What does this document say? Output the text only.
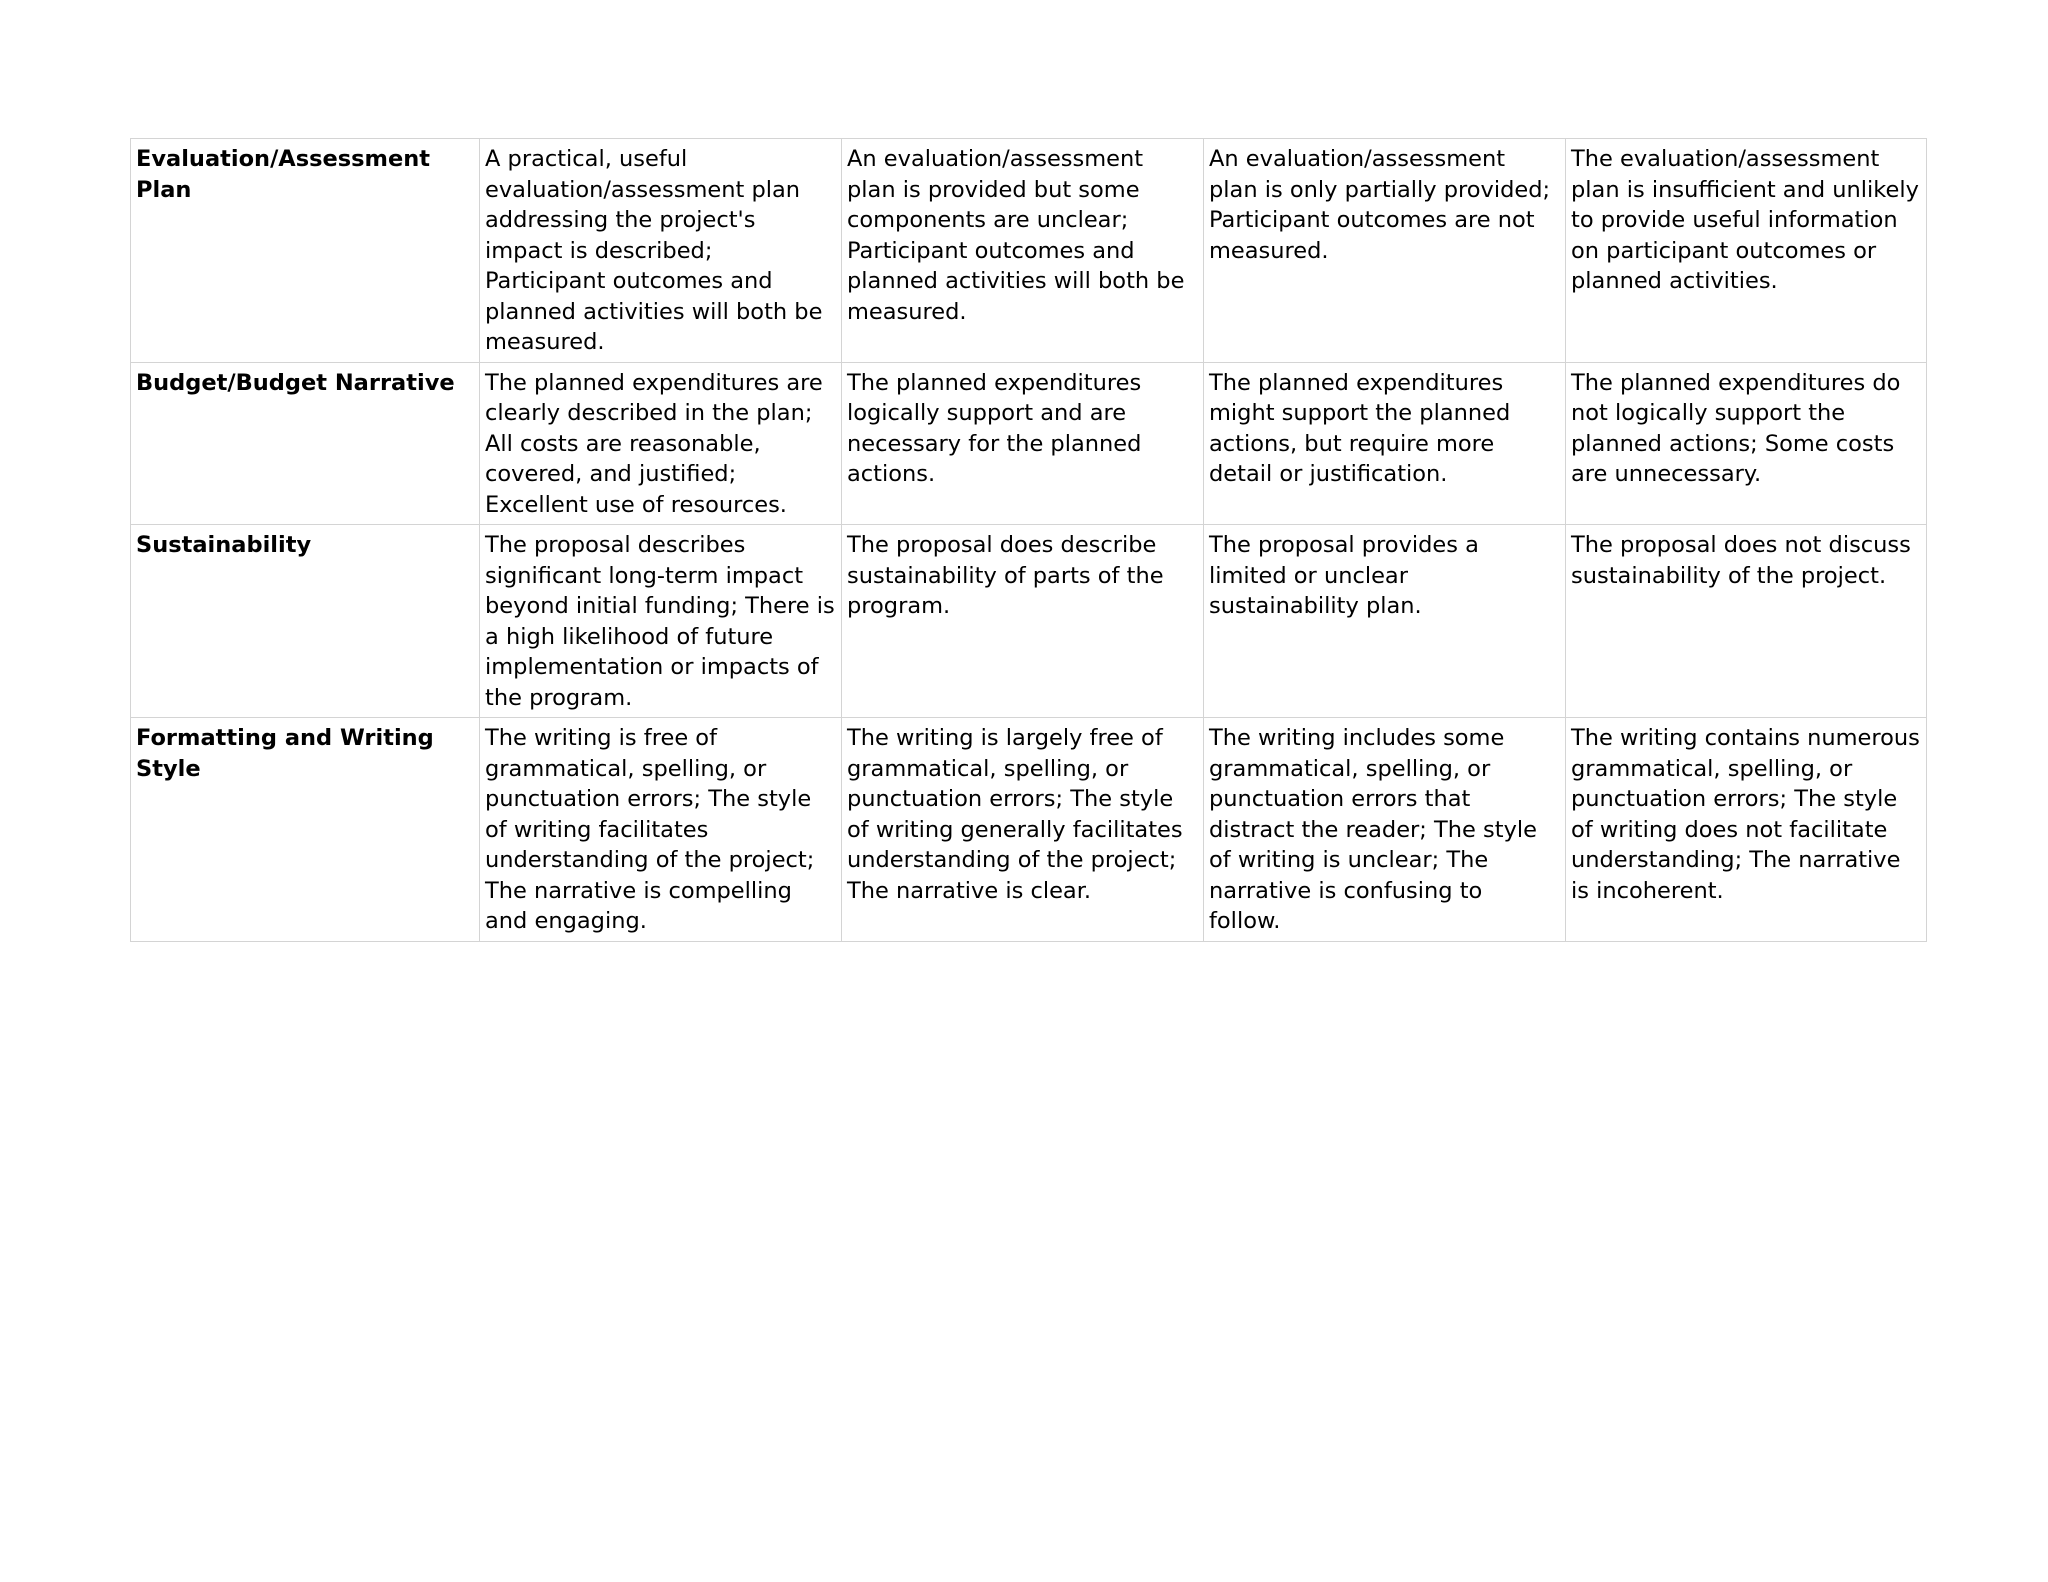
Evaluation/Assessment Plan	A practical, useful evaluation/assessment plan addressing the project's impact is described; Participant outcomes and planned activities will both be measured.	An evaluation/assessment plan is provided but some components are unclear; Participant outcomes and planned activities will both be measured.	An evaluation/assessment plan is only partially provided; Participant outcomes are not measured.	The evaluation/assessment plan is insufficient and unlikely to provide useful information on participant outcomes or planned activities.
Budget/Budget Narrative	The planned expenditures are clearly described in the plan; All costs are reasonable, covered, and justified; Excellent use of resources.	The planned expenditures logically support and are necessary for the planned actions.	The planned expenditures might support the planned actions, but require more detail or justification.	The planned expenditures do not logically support the planned actions; Some costs are unnecessary.
Sustainability	The proposal describes significant long-term impact beyond initial funding; There is a high likelihood of future implementation or impacts of the program.	The proposal does describe sustainability of parts of the program.	The proposal provides a limited or unclear sustainability plan.	The proposal does not discuss sustainability of the project.
Formatting and Writing Style	The writing is free of grammatical, spelling, or punctuation errors; The style of writing facilitates understanding of the project; The narrative is compelling and engaging.	The writing is largely free of grammatical, spelling, or punctuation errors; The style of writing generally facilitates understanding of the project; The narrative is clear.	The writing includes some grammatical, spelling, or punctuation errors that distract the reader; The style of writing is unclear; The narrative is confusing to follow.	The writing contains numerous grammatical, spelling, or punctuation errors; The style of writing does not facilitate understanding; The narrative is incoherent.
